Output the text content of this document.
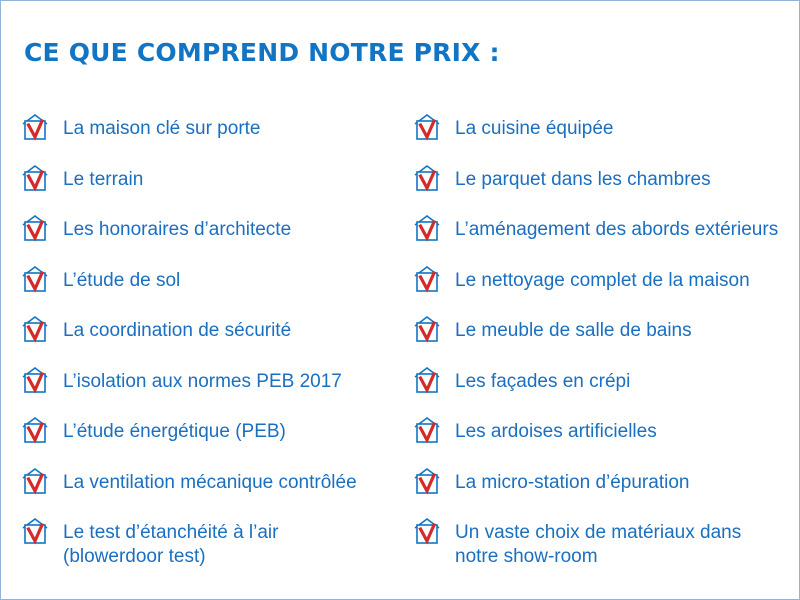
CE QUE COMPREND NOTRE PRIX :
La maison clé sur porte
Le terrain
Les honoraires d’architecte
L’étude de sol
La coordination de sécurité
L’isolation aux normes PEB 2017
L’étude énergétique (PEB)
La ventilation mécanique contrôlée
Le test d’étanchéité à l’air
(blowerdoor test)
La cuisine équipée
Le parquet dans les chambres
L’aménagement des abords extérieurs
Le nettoyage complet de la maison
Le meuble de salle de bains
Les façades en crépi
Les ardoises artificielles
La micro-station d’épuration
Un vaste choix de matériaux dans
notre show-room
